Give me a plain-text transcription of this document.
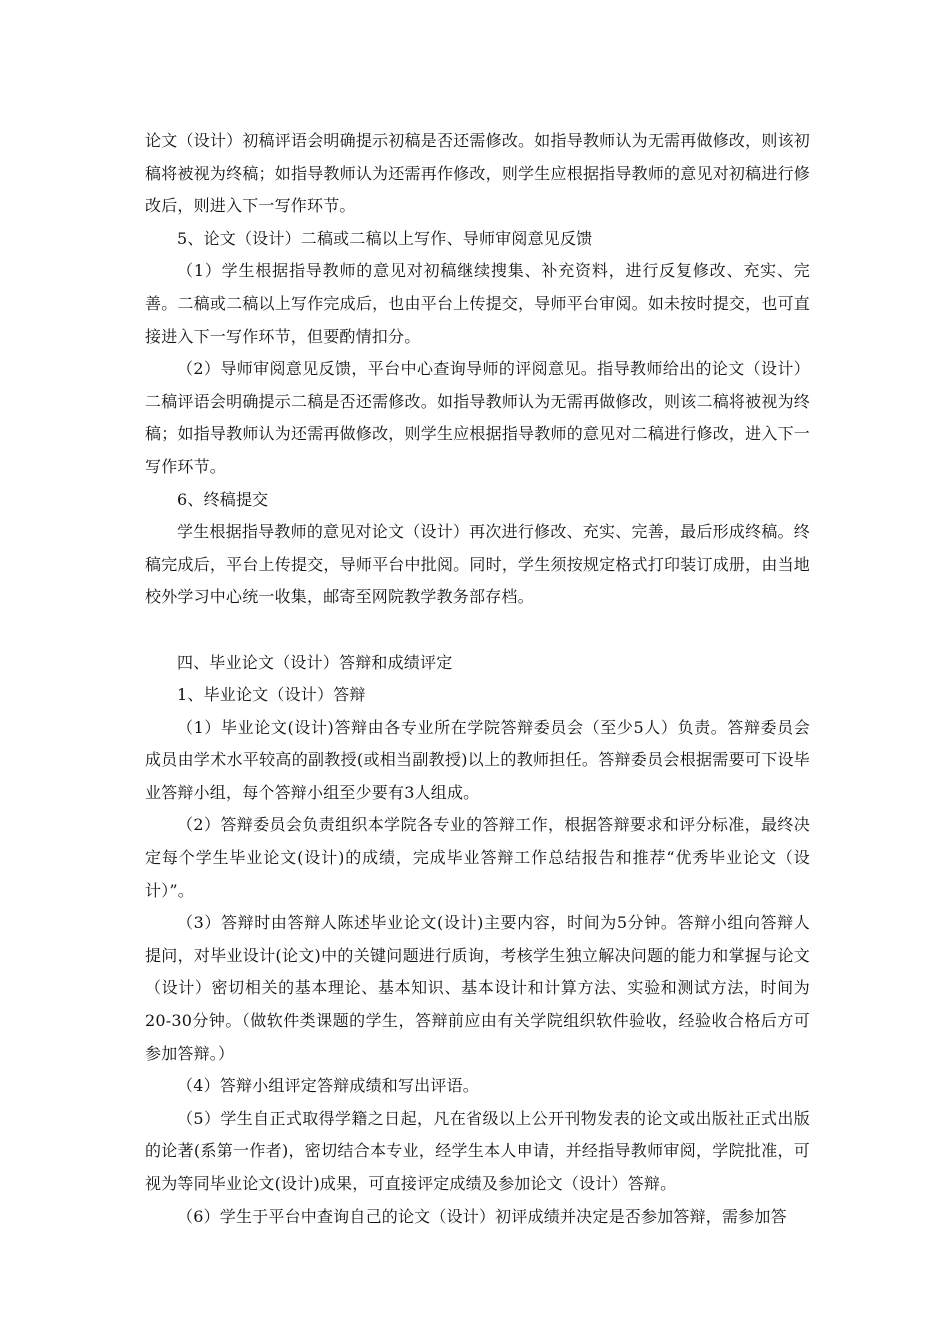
论文（设计）初稿评语会明确提示初稿是否还需修改。如指导教师认为无需再做修改，则该初稿将被视为终稿；如指导教师认为还需再作修改，则学生应根据指导教师的意见对初稿进行修改后，则进入下一写作环节。

5、论文（设计）二稿或二稿以上写作、导师审阅意见反馈

（1）学生根据指导教师的意见对初稿继续搜集、补充资料，进行反复修改、充实、完善。二稿或二稿以上写作完成后，也由平台上传提交，导师平台审阅。如未按时提交，也可直接进入下一写作环节，但要酌情扣分。

（2）导师审阅意见反馈，平台中心查询导师的评阅意见。指导教师给出的论文（设计）二稿评语会明确提示二稿是否还需修改。如指导教师认为无需再做修改，则该二稿将被视为终稿；如指导教师认为还需再做修改，则学生应根据指导教师的意见对二稿进行修改，进入下一写作环节。

6、终稿提交

学生根据指导教师的意见对论文（设计）再次进行修改、充实、完善，最后形成终稿。终稿完成后，平台上传提交，导师平台中批阅。同时，学生须按规定格式打印装订成册，由当地校外学习中心统一收集，邮寄至网院教学教务部存档。

四、毕业论文（设计）答辩和成绩评定

1、毕业论文（设计）答辩

（1）毕业论文(设计)答辩由各专业所在学院答辩委员会（至少5人）负责。答辩委员会成员由学术水平较高的副教授(或相当副教授)以上的教师担任。答辩委员会根据需要可下设毕业答辩小组，每个答辩小组至少要有3人组成。

（2）答辩委员会负责组织本学院各专业的答辩工作，根据答辩要求和评分标准，最终决定每个学生毕业论文(设计)的成绩，完成毕业答辩工作总结报告和推荐“优秀毕业论文（设计）”。

（3）答辩时由答辩人陈述毕业论文(设计)主要内容，时间为5分钟。答辩小组向答辩人提问，对毕业设计(论文)中的关键问题进行质询，考核学生独立解决问题的能力和掌握与论文（设计）密切相关的基本理论、基本知识、基本设计和计算方法、实验和测试方法，时间为20-30分钟。（做软件类课题的学生，答辩前应由有关学院组织软件验收，经验收合格后方可参加答辩。）

（4）答辩小组评定答辩成绩和写出评语。

（5）学生自正式取得学籍之日起，凡在省级以上公开刊物发表的论文或出版社正式出版的论著(系第一作者)，密切结合本专业，经学生本人申请，并经指导教师审阅，学院批准，可视为等同毕业论文(设计)成果，可直接评定成绩及参加论文（设计）答辩。

（6）学生于平台中查询自己的论文（设计）初评成绩并决定是否参加答辩，需参加答
